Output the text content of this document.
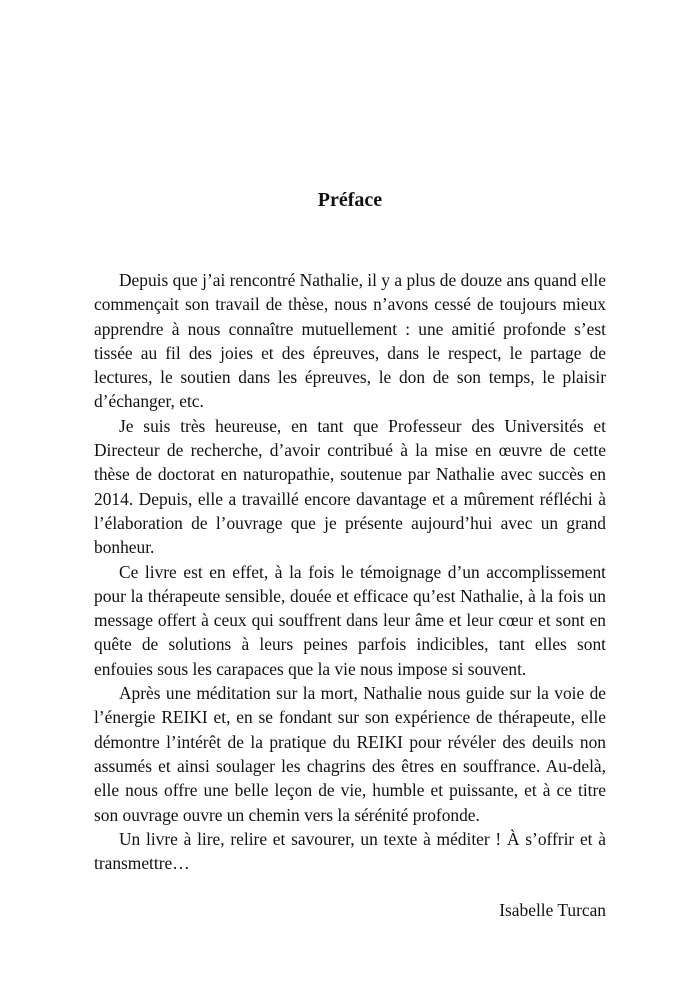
Préface

Depuis que j’ai rencontré Nathalie, il y a plus de douze ans quand elle commençait son travail de thèse, nous n’avons cessé de toujours mieux apprendre à nous connaître mutuellement : une amitié profonde s’est tissée au fil des joies et des épreuves, dans le respect, le partage de lectures, le soutien dans les épreuves, le don de son temps, le plaisir d’échanger, etc.

Je suis très heureuse, en tant que Professeur des Universités et Directeur de recherche, d’avoir contribué à la mise en œuvre de cette thèse de doctorat en naturopathie, soutenue par Nathalie avec succès en 2014. Depuis, elle a travaillé encore davantage et a mûrement réfléchi à l’élaboration de l’ouvrage que je présente aujourd’hui avec un grand bonheur.

Ce livre est en effet, à la fois le témoignage d’un accomplissement pour la thérapeute sensible, douée et efficace qu’est Nathalie, à la fois un message offert à ceux qui souffrent dans leur âme et leur cœur et sont en quête de solutions à leurs peines parfois indicibles, tant elles sont enfouies sous les carapaces que la vie nous impose si souvent.

Après une méditation sur la mort, Nathalie nous guide sur la voie de l’énergie REIKI et, en se fondant sur son expérience de thérapeute, elle démontre l’intérêt de la pratique du REIKI pour révéler des deuils non assumés et ainsi soulager les chagrins des êtres en souffrance. Au-delà, elle nous offre une belle leçon de vie, humble et puissante, et à ce titre son ouvrage ouvre un chemin vers la sérénité profonde.

Un livre à lire, relire et savourer, un texte à méditer ! À s’offrir et à transmettre…

Isabelle Turcan
